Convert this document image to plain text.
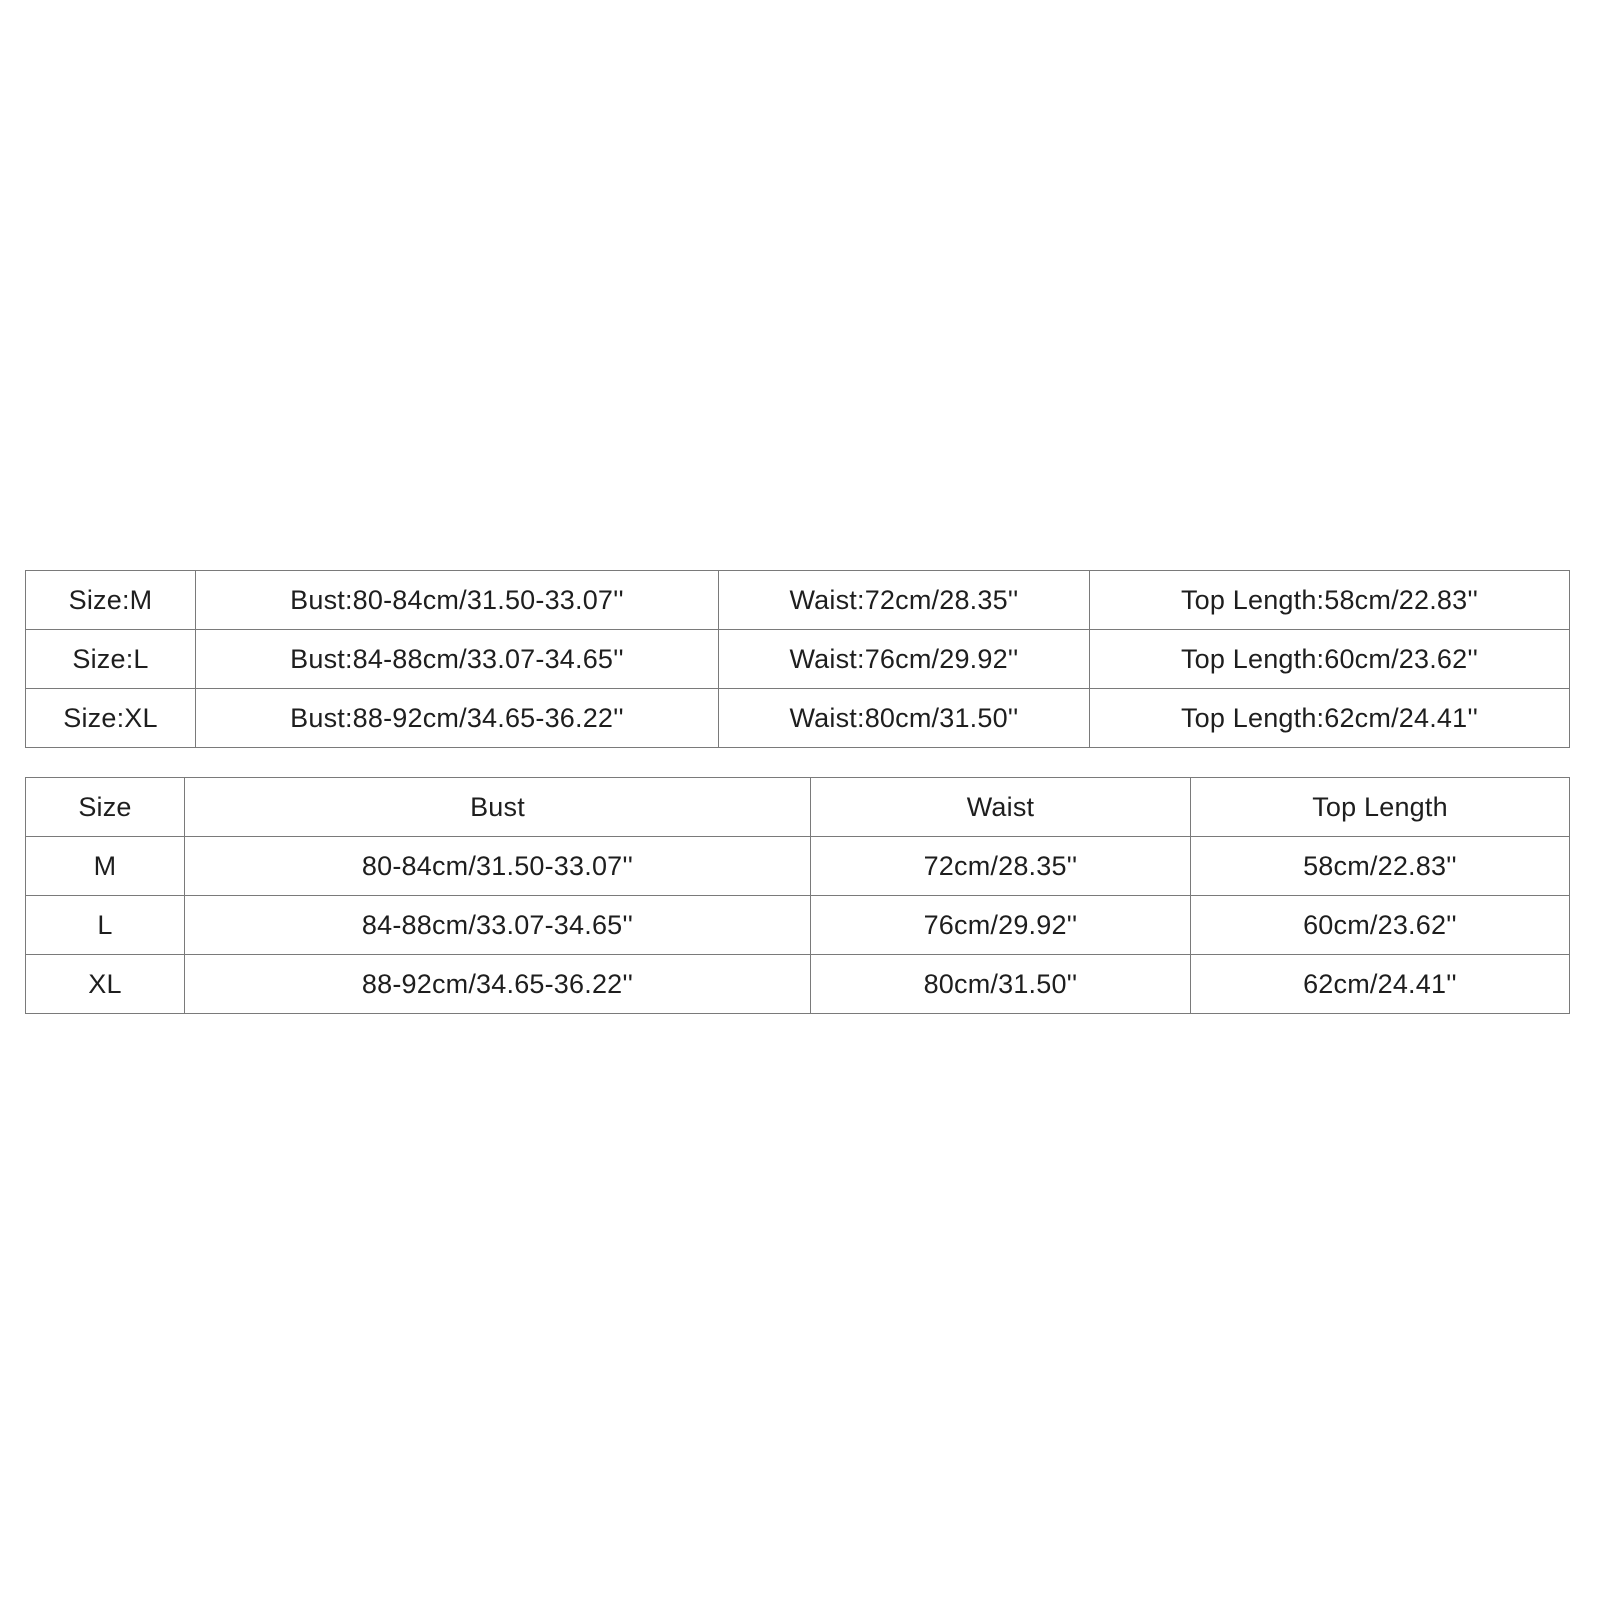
Size:M	Bust:80-84cm/31.50-33.07''	Waist:72cm/28.35''	Top Length:58cm/22.83''
Size:L	Bust:84-88cm/33.07-34.65''	Waist:76cm/29.92''	Top Length:60cm/23.62''
Size:XL	Bust:88-92cm/34.65-36.22''	Waist:80cm/31.50''	Top Length:62cm/24.41''
Size	Bust	Waist	Top Length
M	80-84cm/31.50-33.07''	72cm/28.35''	58cm/22.83''
L	84-88cm/33.07-34.65''	76cm/29.92''	60cm/23.62''
XL	88-92cm/34.65-36.22''	80cm/31.50''	62cm/24.41''
